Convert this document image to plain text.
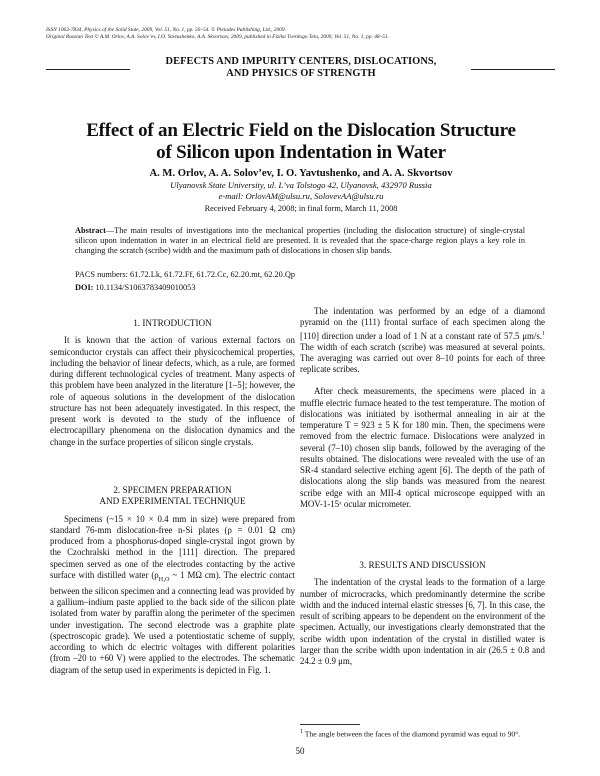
ISSN 1063-7834, Physics of the Solid State, 2009, Vol. 51, No. 1, pp. 50–54. © Pleiades Publishing, Ltd., 2009.
Original Russian Text © A.M. Orlov, A.A. Solov’ev, I.O. Yavtushenko, A.A. Skvortsov, 2009, published in Fizika Tverdogo Tela, 2009, Vol. 51, No. 1, pp. 48–51.
DEFECTS AND IMPURITY CENTERS, DISLOCATIONS,
AND PHYSICS OF STRENGTH
Effect of an Electric Field on the Dislocation Structure
of Silicon upon Indentation in Water
A. M. Orlov, A. A. Solov’ev, I. O. Yavtushenko, and A. A. Skvortsov
Ulyanovsk State University, ul. L’va Tolstogo 42, Ulyanovsk, 432970 Russia
e-mail: OrlovAM@ulsu.ru, SolovevAA@ulsu.ru
Received February 4, 2008; in final form, March 11, 2008
Abstract—The main results of investigations into the mechanical properties (including the dislocation structure) of single-crystal silicon upon indentation in water in an electrical field are presented. It is revealed that the space-charge region plays a key role in changing the scratch (scribe) width and the maximum path of dislocations in chosen slip bands.
PACS numbers: 61.72.Lk, 61.72.Ff, 61.72.Cc, 62.20.mt, 62.20.Qp
DOI: 10.1134/S1063783409010053

1. INTRODUCTION

It is known that the action of various external factors on semiconductor crystals can affect their physicochemical properties, including the behavior of linear defects, which, as a rule, are formed during different technological cycles of treatment. Many aspects of this problem have been analyzed in the literature [1–5]; however, the role of aqueous solutions in the development of the dislocation structure has not been adequately investigated. In this respect, the present work is devoted to the study of the influence of electrocapillary phenomena on the dislocation dynamics and the change in the surface properties of silicon single crystals.

2. SPECIMEN PREPARATION

AND EXPERIMENTAL TECHNIQUE

Specimens (~15 × 10 × 0.4 mm in size) were prepared from standard 76-mm dislocation-free n-Si plates (ρ = 0.01 Ω cm) produced from a phosphorus-doped single-crystal ingot grown by the Czochralski method in the [111] direction. The prepared specimen served as one of the electrodes contacting by the active surface with distilled water ($\rho_{H_2O}$ ~ 1 MΩ cm). The electric contact between the silicon specimen and a connecting lead was provided by a gallium–indium paste applied to the back side of the silicon plate isolated from water by paraffin along the perimeter of the specimen under investigation. The second electrode was a graphite plate (spectroscopic grade). We used a potentiostatic scheme of supply, according to which dc electric voltages with different polarities (from –20 to +60 V) were applied to the electrodes. The schematic diagram of the setup used in experiments is depicted in Fig. 1.

The indentation was performed by an edge of a diamond pyramid on the (111) frontal surface of each specimen along the [110] direction under a load of 1 N at a constant rate of 57.5 μm/s.$^1$ The width of each scratch (scribe) was measured at several points. The averaging was carried out over 8–10 points for each of three replicate scribes.

After check measurements, the specimens were placed in a muffle electric furnace heated to the test temperature. The motion of dislocations was initiated by isothermal annealing in air at the temperature T = 923 ± 5 K for 180 min. Then, the specimens were removed from the electric furnace. Dislocations were analyzed in several (7–10) chosen slip bands, followed by the averaging of the results obtained. The dislocations were revealed with the use of an SR-4 standard selective etching agent [6]. The depth of the path of dislocations along the slip bands was measured from the nearest scribe edge with an MII-4 optical microscope equipped with an MOV-1-15ˣ ocular micrometer.

3. RESULTS AND DISCUSSION

The indentation of the crystal leads to the formation of a large number of microcracks, which predominantly determine the scribe width and the induced internal elastic stresses [6, 7]. In this case, the result of scribing appears to be dependent on the environment of the specimen. Actually, our investigations clearly demonstrated that the scribe width upon indentation of the crystal in distilled water is larger than the scribe width upon indentation in air (26.5 ± 0.8 and 24.2 ± 0.9 μm,

$^1$ The angle between the faces of the diamond pyramid was equal to 90°.
50
